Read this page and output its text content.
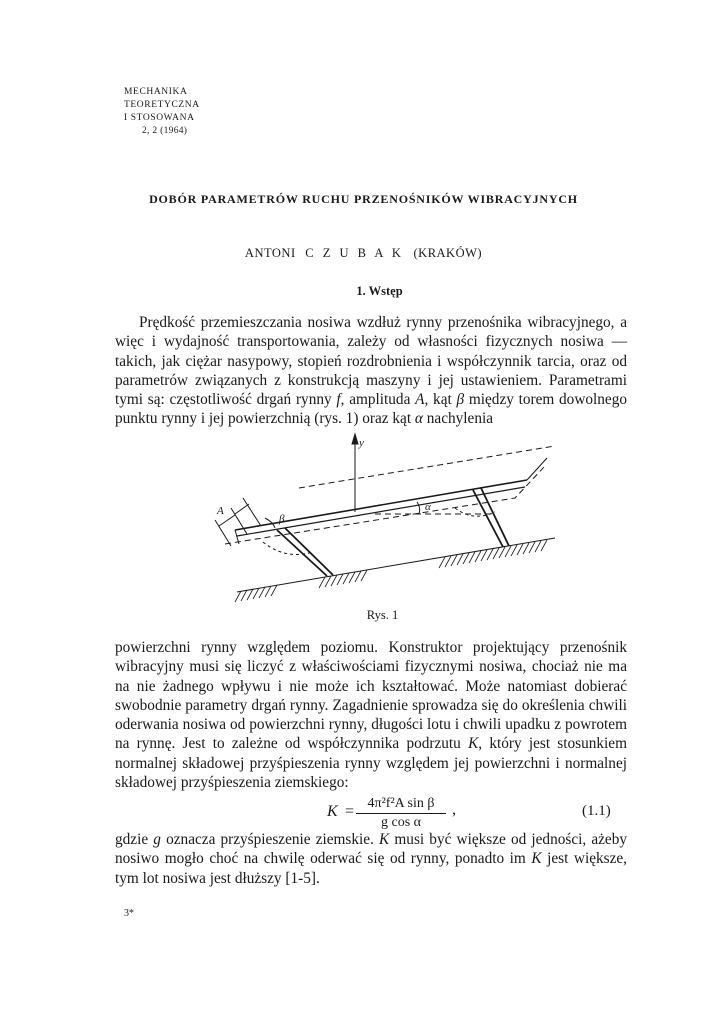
MECHANIKA
TEORETYCZNA
I STOSOWANA
2, 2 (1964)
DOBÓR PARAMETRÓW RUCHU PRZENOŚNIKÓW WIBRACYJNYCH
ANTONI C Z U B A K (KRAKÓW)
1. Wstęp
Prędkość przemieszczania nosiwa wzdłuż rynny przenośnika wibracyjnego, a więc i wydajność transportowania, zależy od własności fizycznych nosiwa — takich, jak ciężar nasypowy, stopień rozdrobnienia i współczynnik tarcia, oraz od parametrów związanych z konstrukcją maszyny i jej ustawieniem. Parametrami tymi są: częstotliwość drgań rynny f, amplituda A, kąt β między torem dowolnego punktu rynny i jej powierzchnią (rys. 1) oraz kąt α nachylenia
y
β
α
A
Rys. 1
powierzchni rynny względem poziomu. Konstruktor projektujący przenośnik wibracyjny musi się liczyć z właściwościami fizycznymi nosiwa, chociaż nie ma na nie żadnego wpływu i nie może ich kształtować. Może natomiast dobierać swobodnie parametry drgań rynny. Zagadnienie sprowadza się do określenia chwili oderwania nosiwa od powierzchni rynny, długości lotu i chwili upadku z powrotem na rynnę. Jest to zależne od współczynnika podrzutu K, który jest stosunkiem normalnej składowej przyśpieszenia rynny względem jej powierzchni i normalnej składowej przyśpieszenia ziemskiego:
$K = \frac{\text{4π²f²A sin β}}{\text{g cos α}}$ ,	(1.1)
gdzie g oznacza przyśpieszenie ziemskie. K musi być większe od jedności, ażeby nosiwo mogło choć na chwilę oderwać się od rynny, ponadto im K jest większe, tym lot nosiwa jest dłuższy [1-5].
3*
